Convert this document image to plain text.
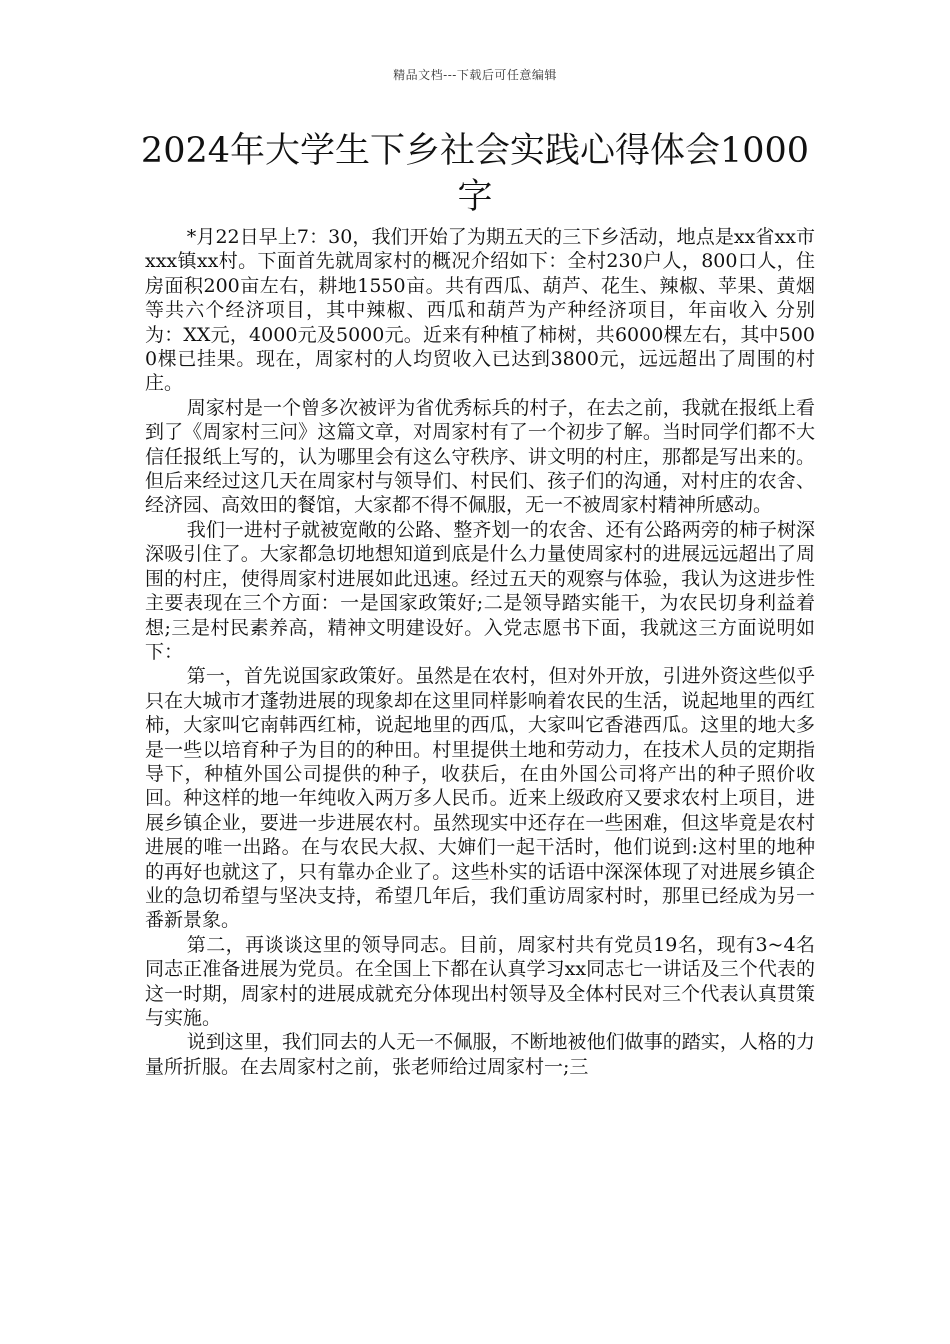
精品文档---下载后可任意编辑
2024年大学生下乡社会实践心得体会1000字

*月22日早上7：30，我们开始了为期五天的三下乡活动，地点是xx省xx市xxx镇xx村。下面首先就周家村的概况介绍如下：全村230户人，800口人，住房面积200亩左右，耕地1550亩。共有西瓜、葫芦、花生、辣椒、苹果、黄烟等共六个经济项目，其中辣椒、西瓜和葫芦为产种经济项目，年亩收入 分别为：XX元，4000元及5000元。近来有种植了柿树，共6000棵左右，其中5000棵已挂果。现在，周家村的人均贸收入已达到3800元，远远超出了周围的村庄。

周家村是一个曾多次被评为省优秀标兵的村子，在去之前，我就在报纸上看到了《周家村三问》这篇文章，对周家村有了一个初步了解。当时同学们都不大信任报纸上写的，认为哪里会有这么守秩序、讲文明的村庄，那都是写出来的。但后来经过这几天在周家村与领导们、村民们、孩子们的沟通，对村庄的农舍、经济园、高效田的餐馆，大家都不得不佩服，无一不被周家村精神所感动。

我们一进村子就被宽敞的公路、整齐划一的农舍、还有公路两旁的柿子树深深吸引住了。大家都急切地想知道到底是什么力量使周家村的进展远远超出了周围的村庄，使得周家村进展如此迅速。经过五天的观察与体验，我认为这进步性主要表现在三个方面：一是国家政策好;二是领导踏实能干，为农民切身利益着想;三是村民素养高，精神文明建设好。入党志愿书下面，我就这三方面说明如下：

第一，首先说国家政策好。虽然是在农村，但对外开放，引进外资这些似乎只在大城市才蓬勃进展的现象却在这里同样影响着农民的生活，说起地里的西红柿，大家叫它南韩西红柿，说起地里的西瓜，大家叫它香港西瓜。这里的地大多是一些以培育种子为目的的种田。村里提供土地和劳动力，在技术人员的定期指导下，种植外国公司提供的种子，收获后，在由外国公司将产出的种子照价收回。种这样的地一年纯收入两万多人民币。近来上级政府又要求农村上项目，进展乡镇企业，要进一步进展农村。虽然现实中还存在一些困难，但这毕竟是农村进展的唯一出路。在与农民大叔、大婶们一起干活时，他们说到:这村里的地种的再好也就这了，只有靠办企业了。这些朴实的话语中深深体现了对进展乡镇企业的急切希望与坚决支持，希望几年后，我们重访周家村时，那里已经成为另一番新景象。

第二，再谈谈这里的领导同志。目前，周家村共有党员19名，现有3~4名同志正准备进展为党员。在全国上下都在认真学习xx同志七一讲话及三个代表的这一时期，周家村的进展成就充分体现出村领导及全体村民对三个代表认真贯策与实施。

说到这里，我们同去的人无一不佩服，不断地被他们做事的踏实，人格的力量所折服。在去周家村之前，张老师给过周家村一;三
